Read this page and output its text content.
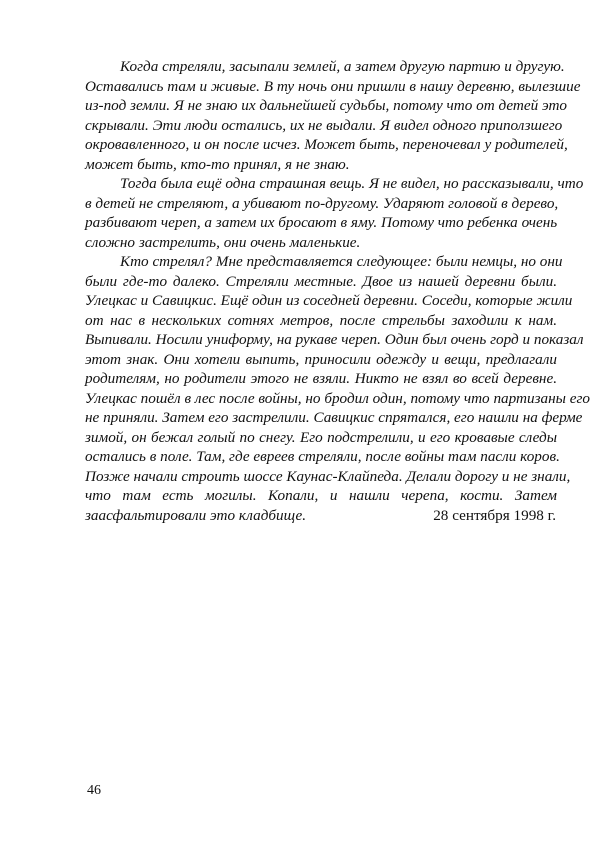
Когда стреляли, засыпали землей, а затем другую партию и другую.
Оставались там и живые. В ту ночь они пришли в нашу деревню, вылезшие
из-под земли. Я не знаю их дальнейшей судьбы, потому что от детей это
скрывали. Эти люди остались, их не выдали. Я видел одного приползшего
окровавленного, и он после исчез. Может быть, переночевал у родителей,
может быть, кто-то принял, я не знаю.
Тогда была ещё одна страшная вещь. Я не видел, но рассказывали, что
в детей не стреляют, а убивают по-другому. Ударяют головой в дерево,
разбивают череп, а затем их бросают в яму. Потому что ребенка очень
сложно застрелить, они очень маленькие.
Кто стрелял? Мне представляется следующее: были немцы, но они
были где-то далеко. Стреляли местные. Двое из нашей деревни были.
Улецкас и Савицкис. Ещё один из соседней деревни. Соседи, которые жили
от нас в нескольких сотнях метров, после стрельбы заходили к нам.
Выпивали. Носили униформу, на рукаве череп. Один был очень горд и показал
этот знак. Они хотели выпить, приносили одежду и вещи, предлагали
родителям, но родители этого не взяли. Никто не взял во всей деревне.
Улецкас пошёл в лес после войны, но бродил один, потому что партизаны его
не приняли. Затем его застрелили. Савицкис спрятался, его нашли на ферме
зимой, он бежал голый по снегу. Его подстрелили, и его кровавые следы
остались в поле. Там, где евреев стреляли, после войны там пасли коров.
Позже начали строить шоссе Каунас-Клайпеда. Делали дорогу и не знали,
что там есть могилы. Копали, и нашли черепа, кости. Затем
заасфальтировали это кладбище.	28 сентября 1998 г.
46
